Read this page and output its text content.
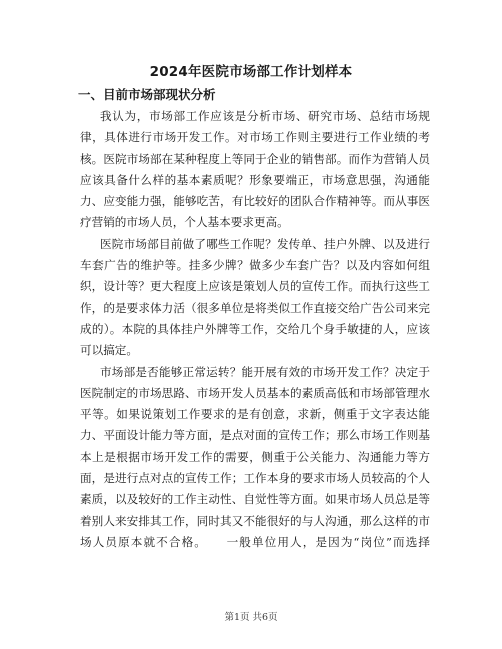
2024年医院市场部工作计划样本
一、目前市场部现状分析
我认为，市场部工作应该是分析市场、研究市场、总结市场规
律，具体进行市场开发工作。对市场工作则主要进行工作业绩的考
核。医院市场部在某种程度上等同于企业的销售部。而作为营销人员
应该具备什么样的基本素质呢？形象要端正，市场意思强，沟通能
力、应变能力强，能够吃苦，有比较好的团队合作精神等。而从事医
疗营销的市场人员，个人基本要求更高。
医院市场部目前做了哪些工作呢？发传单、挂户外牌、以及进行
车套广告的维护等。挂多少牌？做多少车套广告？以及内容如何组
织，设计等？更大程度上应该是策划人员的宣传工作。而执行这些工
作，的是要求体力活（很多单位是将类似工作直接交给广告公司来完
成的）。本院的具体挂户外牌等工作，交给几个身手敏捷的人，应该
可以搞定。
市场部是否能够正常运转？能开展有效的市场开发工作？决定于
医院制定的市场思路、市场开发人员基本的素质高低和市场部管理水
平等。如果说策划工作要求的是有创意，求新，侧重于文字表达能
力、平面设计能力等方面，是点对面的宣传工作；那么市场工作则基
本上是根据市场开发工作的需要，侧重于公关能力、沟通能力等方
面，是进行点对点的宣传工作；工作本身的要求市场人员较高的个人
素质，以及较好的工作主动性、自觉性等方面。如果市场人员总是等
着别人来安排其工作，同时其又不能很好的与人沟通，那么这样的市
场人员原本就不合格。　　一般单位用人，是因为“岗位”而选择
第1页 共6页
